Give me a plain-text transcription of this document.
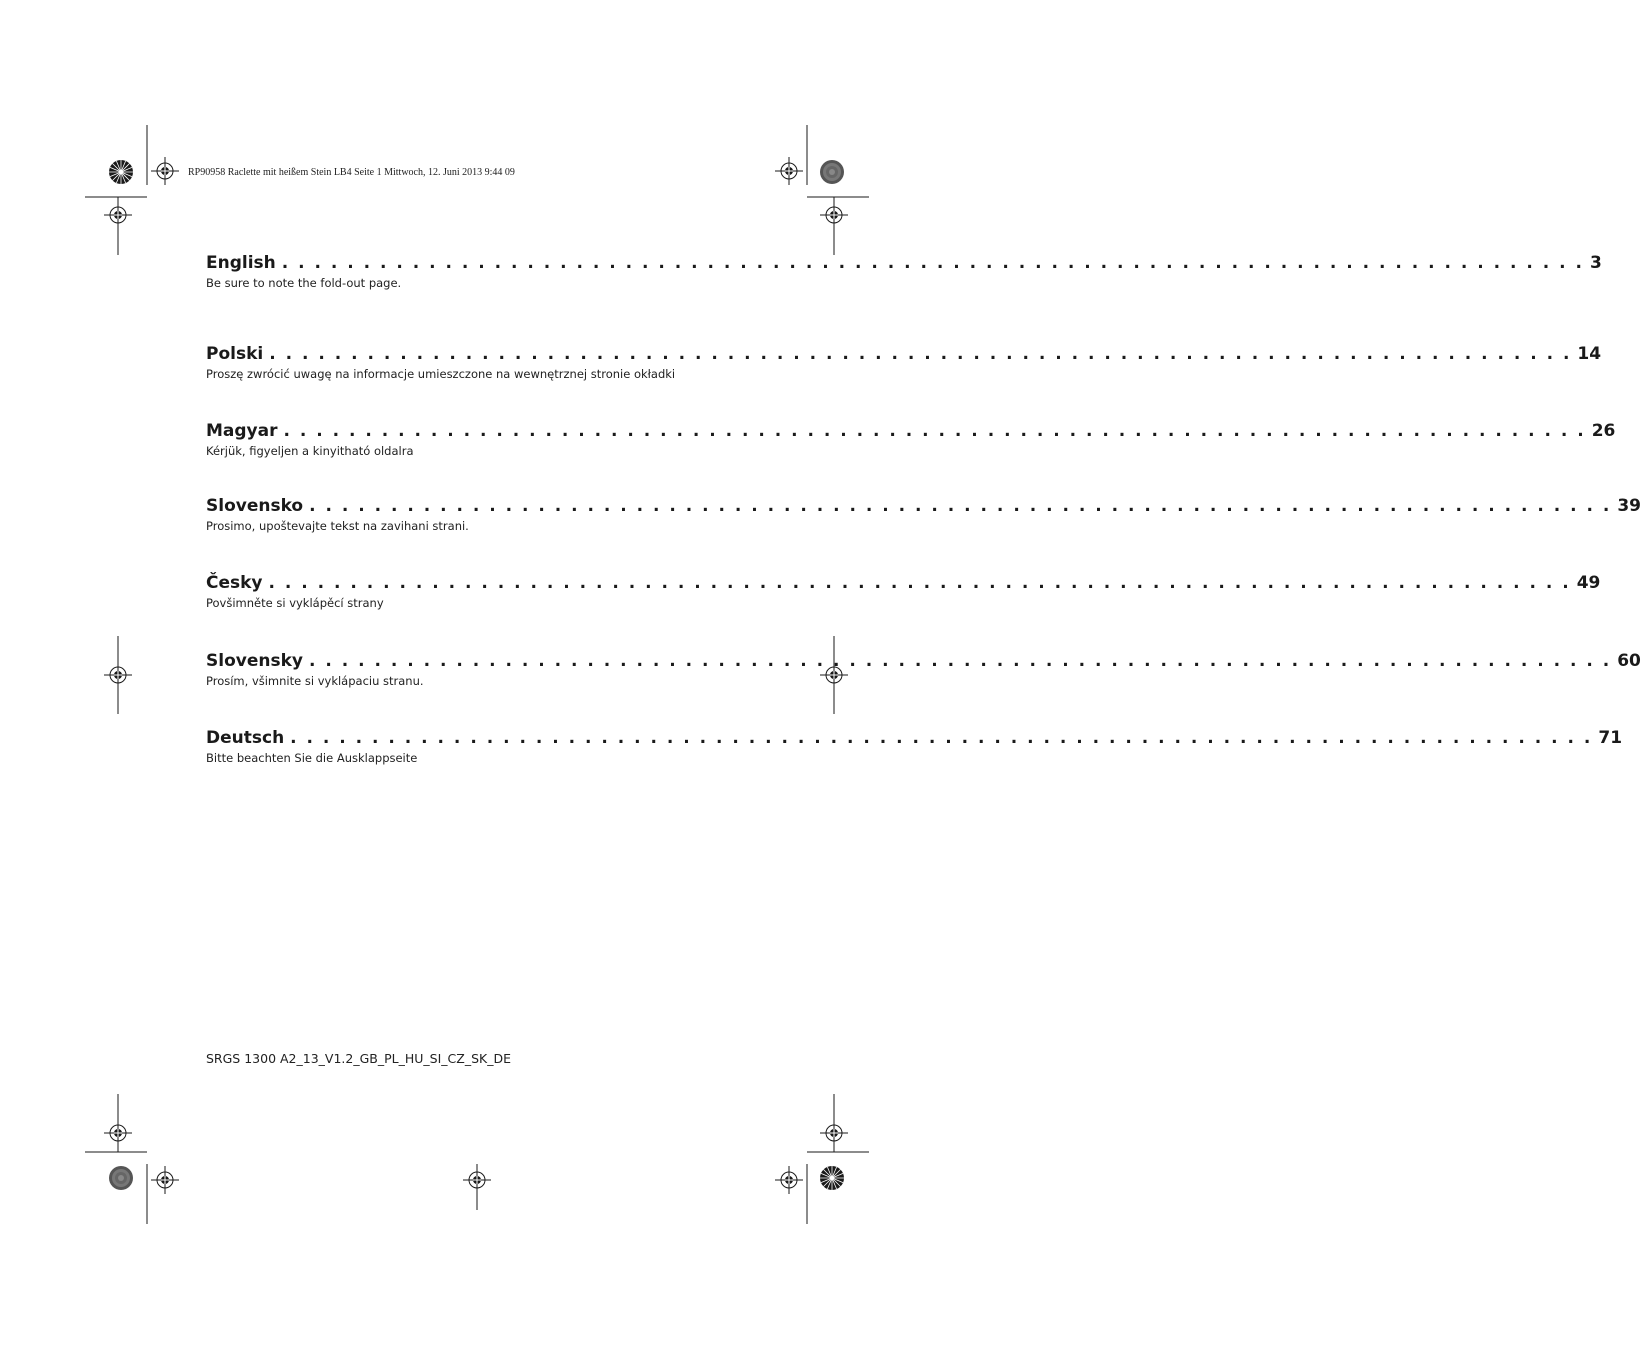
RP90958 Raclette mit heißem Stein LB4 Seite 1 Mittwoch, 12. Juni 2013 9:44 09
English . . . . . . . . . . . . . . . . . . . . . . . . . . . . . . . . . . . . . . . . . . . . . . . . . . . . . . . . . . . . . . . . . . . . . . . . . . . . . . . . 3
Be sure to note the fold-out page.
Polski . . . . . . . . . . . . . . . . . . . . . . . . . . . . . . . . . . . . . . . . . . . . . . . . . . . . . . . . . . . . . . . . . . . . . . . . . . . . . . . . 14
Proszę zwrócić uwagę na informacje umieszczone na wewnętrznej stronie okładki
Magyar . . . . . . . . . . . . . . . . . . . . . . . . . . . . . . . . . . . . . . . . . . . . . . . . . . . . . . . . . . . . . . . . . . . . . . . . . . . . . . . . 26
Kérjük, figyeljen a kinyitható oldalra
Slovensko . . . . . . . . . . . . . . . . . . . . . . . . . . . . . . . . . . . . . . . . . . . . . . . . . . . . . . . . . . . . . . . . . . . . . . . . . . . . . . . . 39
Prosimo, upoštevajte tekst na zavihani strani.
Česky . . . . . . . . . . . . . . . . . . . . . . . . . . . . . . . . . . . . . . . . . . . . . . . . . . . . . . . . . . . . . . . . . . . . . . . . . . . . . . . . 49
Povšimněte si vyklápěcí strany
Slovensky . . . . . . . . . . . . . . . . . . . . . . . . . . . . . . . . . . . . . . . . . . . . . . . . . . . . . . . . . . . . . . . . . . . . . . . . . . . . . . . . 60
Prosím, všimnite si vyklápaciu stranu.
Deutsch . . . . . . . . . . . . . . . . . . . . . . . . . . . . . . . . . . . . . . . . . . . . . . . . . . . . . . . . . . . . . . . . . . . . . . . . . . . . . . . . 71
Bitte beachten Sie die Ausklappseite
SRGS 1300 A2_13_V1.2_GB_PL_HU_SI_CZ_SK_DE
